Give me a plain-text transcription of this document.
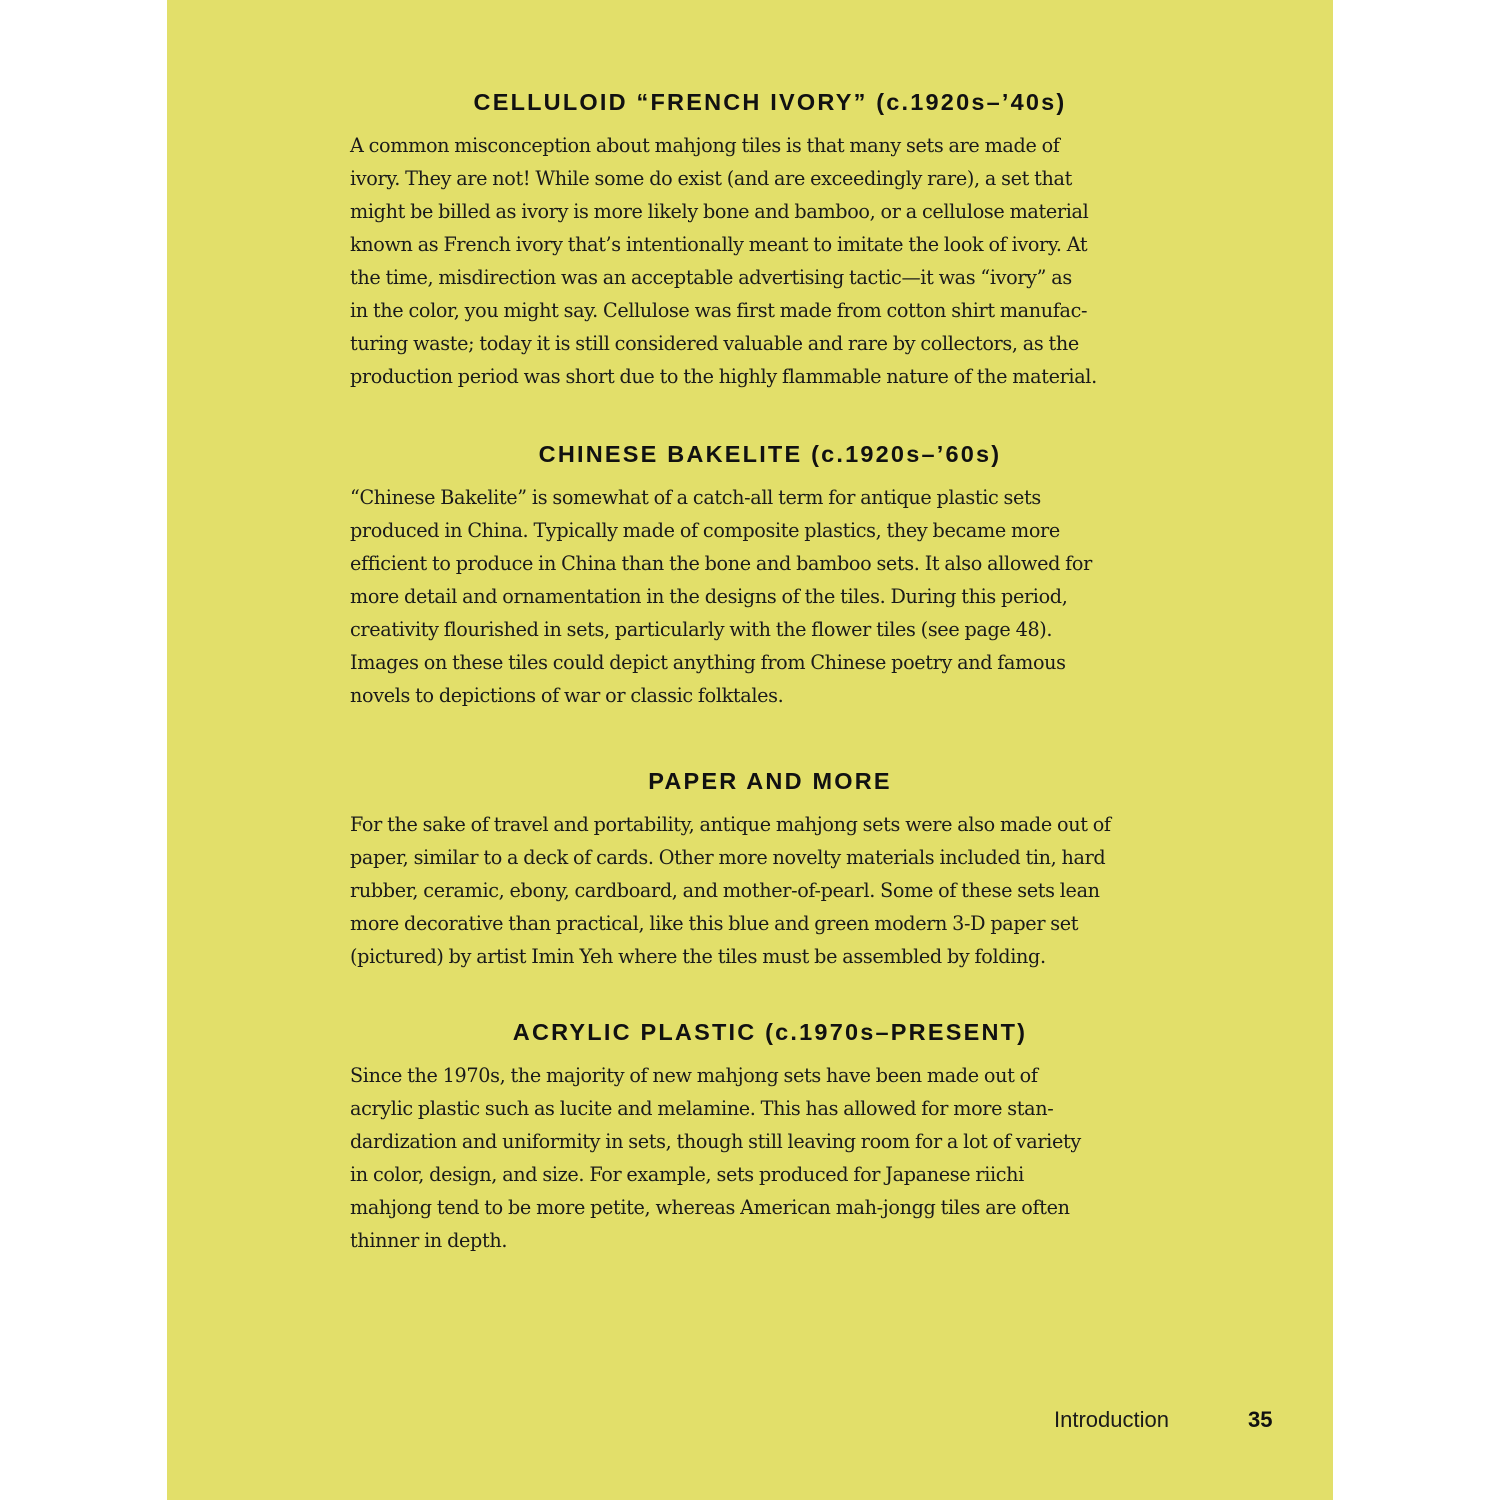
CELLULOID “FRENCH IVORY” (c.1920s–’40s)

A common misconception about mahjong tiles is that many sets are made of
ivory. They are not! While some do exist (and are exceedingly rare), a set that
might be billed as ivory is more likely bone and bamboo, or a cellulose material
known as French ivory that’s intentionally meant to imitate the look of ivory. At
the time, misdirection was an acceptable advertising tactic—it was “ivory” as
in the color, you might say. Cellulose was first made from cotton shirt manufac-
turing waste; today it is still considered valuable and rare by collectors, as the
production period was short due to the highly flammable nature of the material.

CHINESE BAKELITE (c.1920s–’60s)

“Chinese Bakelite” is somewhat of a catch-all term for antique plastic sets
produced in China. Typically made of composite plastics, they became more
efficient to produce in China than the bone and bamboo sets. It also allowed for
more detail and ornamentation in the designs of the tiles. During this period,
creativity flourished in sets, particularly with the flower tiles (see page 48).
Images on these tiles could depict anything from Chinese poetry and famous
novels to depictions of war or classic folktales.

PAPER AND MORE

For the sake of travel and portability, antique mahjong sets were also made out of
paper, similar to a deck of cards. Other more novelty materials included tin, hard
rubber, ceramic, ebony, cardboard, and mother-of-pearl. Some of these sets lean
more decorative than practical, like this blue and green modern 3-D paper set
(pictured) by artist Imin Yeh where the tiles must be assembled by folding.

ACRYLIC PLASTIC (c.1970s–PRESENT)

Since the 1970s, the majority of new mahjong sets have been made out of
acrylic plastic such as lucite and melamine. This has allowed for more stan-
dardization and uniformity in sets, though still leaving room for a lot of variety
in color, design, and size. For example, sets produced for Japanese riichi
mahjong tend to be more petite, whereas American mah-jongg tiles are often
thinner in depth.

Introduction	35
